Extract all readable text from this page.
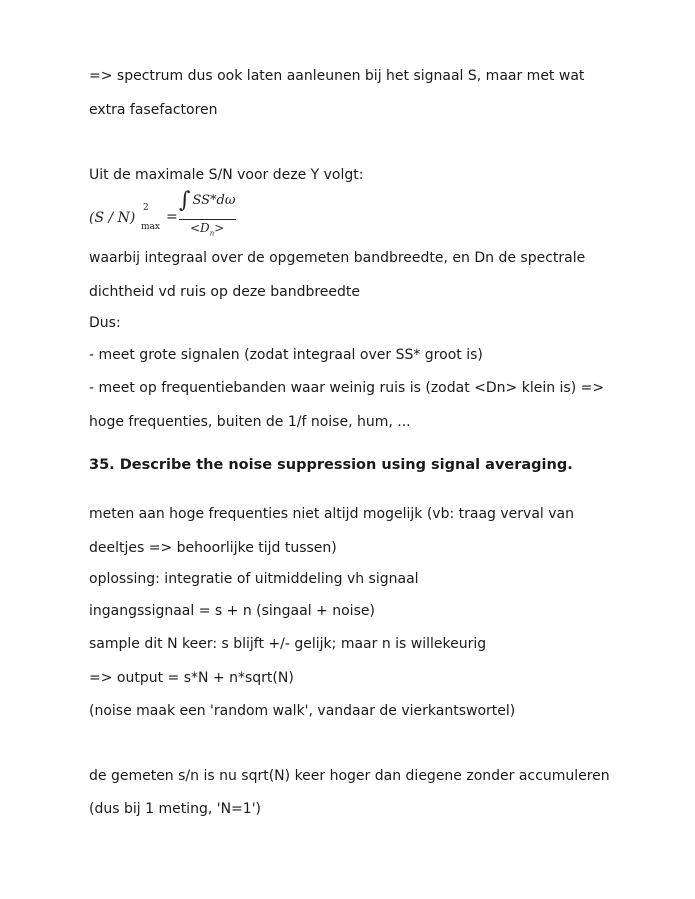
=> spectrum dus ook laten aanleunen bij het signaal S, maar met wat
extra fasefactoren
Uit de maximale S/N voor deze Y volgt:
(S / N)
2
max
=
∫ SS*dω
$<D_n>$
waarbij integraal over de opgemeten bandbreedte, en Dn de spectrale
dichtheid vd ruis op deze bandbreedte
Dus:
- meet grote signalen (zodat integraal over SS* groot is)
- meet op frequentiebanden waar weinig ruis is (zodat <Dn> klein is) =>
hoge frequenties, buiten de 1/f noise, hum, ...
35. Describe the noise suppression using signal averaging.
meten aan hoge frequenties niet altijd mogelijk (vb: traag verval van
deeltjes => behoorlijke tijd tussen)
oplossing: integratie of uitmiddeling vh signaal
ingangssignaal = s + n (singaal + noise)
sample dit N keer: s blijft +/- gelijk; maar n is willekeurig
=> output = s*N + n*sqrt(N)
(noise maak een 'random walk', vandaar de vierkantswortel)
de gemeten s/n is nu sqrt(N) keer hoger dan diegene zonder accumuleren
(dus bij 1 meting, 'N=1')
